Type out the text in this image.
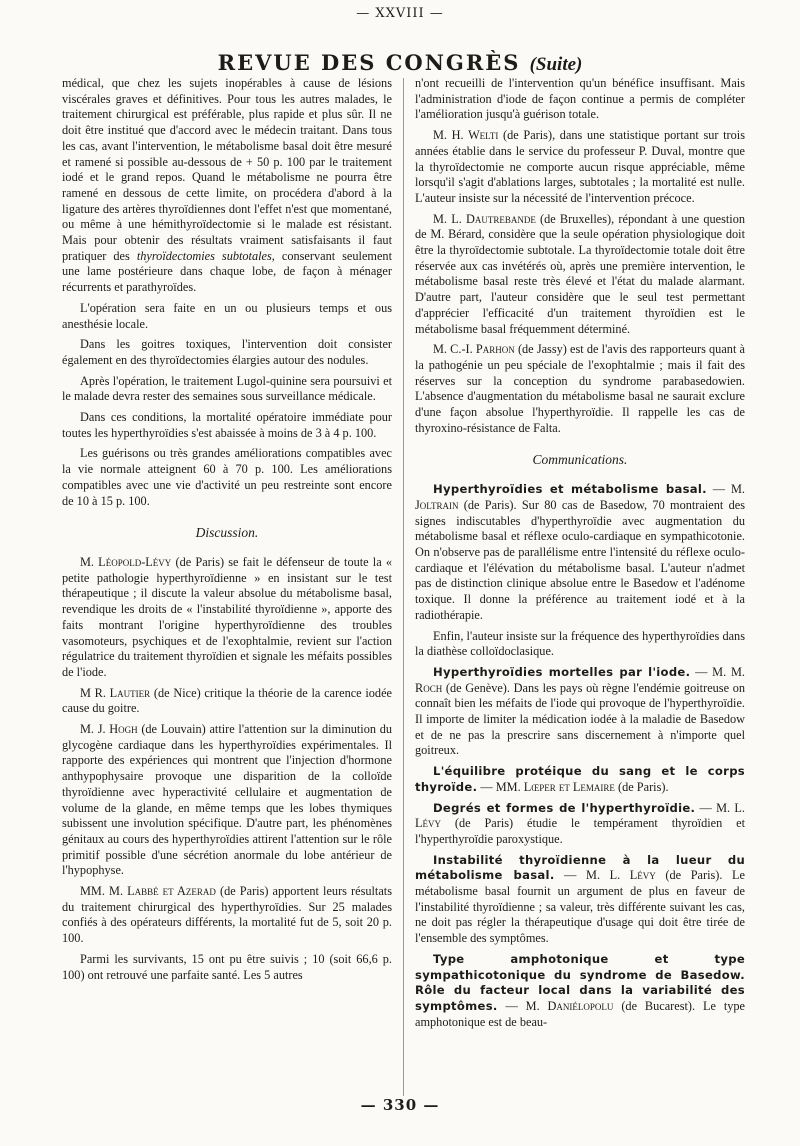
— XXVIII —
REVUE DES CONGRÈS (Suite)

médical, que chez les sujets inopérables à cause de lésions viscérales graves et définitives. Pour tous les autres malades, le traitement chirurgical est préférable, plus rapide et plus sûr. Il ne doit être institué que d'accord avec le médecin traitant. Dans tous les cas, avant l'intervention, le métabolisme basal doit être mesuré et ramené si possible au-dessous de + 50 p. 100 par le traitement iodé et le grand repos. Quand le métabolisme ne pourra être ramené en dessous de cette limite, on procédera d'abord à la ligature des artères thyroïdiennes dont l'effet n'est que momentané, ou même à une hémithyroïdectomie si le malade est résistant. Mais pour obtenir des résultats vraiment satisfaisants il faut pratiquer des thyroïdectomies subtotales, conservant seulement une lame postérieure dans chaque lobe, de façon à ménager récurrents et parathyroïdes.

L'opération sera faite en un ou plusieurs temps et ous anesthésie locale.

Dans les goitres toxiques, l'intervention doit consister également en des thyroïdectomies élargies autour des nodules.

Après l'opération, le traitement Lugol-quinine sera poursuivi et le malade devra rester des semaines sous surveillance médicale.

Dans ces conditions, la mortalité opératoire immédiate pour toutes les hyperthyroïdies s'est abaissée à moins de 3 à 4 p. 100.

Les guérisons ou très grandes améliorations compatibles avec la vie normale atteignent 60 à 70 p. 100. Les améliorations compatibles avec une vie d'activité un peu restreinte sont encore de 10 à 15 p. 100.

Discussion.

M. Léopold-Lévy (de Paris) se fait le défenseur de toute la « petite pathologie hyperthyroïdienne » en insistant sur le test thérapeutique ; il discute la valeur absolue du métabolisme basal, revendique les droits de « l'instabilité thyroïdienne », apporte des faits montrant l'origine hyperthyroïdienne des troubles vasomoteurs, psychiques et de l'exophtalmie, revient sur l'action régulatrice du traitement thyroïdien et signale les méfaits possibles de l'iode.

M R. Lautier (de Nice) critique la théorie de la carence iodée cause du goitre.

M. J. Hogh (de Louvain) attire l'attention sur la diminution du glycogène cardiaque dans les hyperthyroïdies expérimentales. Il rapporte des expériences qui montrent que l'injection d'hormone anthypophysaire provoque une disparition de la colloïde thyroïdienne avec hyperactivité cellulaire et augmentation de volume de la glande, en même temps que les lobes thymiques subissent une involution spécifique. D'autre part, les phénomènes génitaux au cours des hyperthyroïdies attirent l'attention sur le rôle primitif possible d'une sécrétion anormale du lobe antérieur de l'hypophyse.

MM. M. Labbé et Azerad (de Paris) apportent leurs résultats du traitement chirurgical des hyperthyroïdies. Sur 25 malades confiés à des opérateurs différents, la mortalité fut de 5, soit 20 p. 100.

Parmi les survivants, 15 ont pu être suivis ; 10 (soit 66,6 p. 100) ont retrouvé une parfaite santé. Les 5 autres

n'ont recueilli de l'intervention qu'un bénéfice insuffisant. Mais l'administration d'iode de façon continue a permis de compléter l'amélioration jusqu'à guérison totale.

M. H. Welti (de Paris), dans une statistique portant sur trois années établie dans le service du professeur P. Duval, montre que la thyroïdectomie ne comporte aucun risque appréciable, même lorsqu'il s'agit d'ablations larges, subtotales ; la mortalité est nulle. L'auteur insiste sur la nécessité de l'intervention précoce.

M. L. Dautrebande (de Bruxelles), répondant à une question de M. Bérard, considère que la seule opération physiologique doit être la thyroïdectomie subtotale. La thyroïdectomie totale doit être réservée aux cas invétérés où, après une première intervention, le métabolisme basal reste très élevé et l'état du malade alarmant. D'autre part, l'auteur considère que le seul test permettant d'apprécier l'efficacité d'un traitement thyroïdien est le métabolisme basal fréquemment déterminé.

M. C.-I. Parhon (de Jassy) est de l'avis des rapporteurs quant à la pathogénie un peu spéciale de l'exophtalmie ; mais il fait des réserves sur la conception du syndrome parabasedowien. L'absence d'augmentation du métabolisme basal ne saurait exclure d'une façon absolue l'hyperthyroïdie. Il rappelle les cas de thyroxino-résistance de Falta.

Communications.

Hyperthyroïdies et métabolisme basal. — M. Joltrain (de Paris). Sur 80 cas de Basedow, 70 montraient des signes indiscutables d'hyperthyroïdie avec augmentation du métabolisme basal et réflexe oculo-cardiaque en sympathicotonie. On n'observe pas de parallélisme entre l'intensité du réflexe oculo-cardiaque et l'élévation du métabolisme basal. L'auteur n'admet pas de distinction clinique absolue entre le Basedow et l'adénome toxique. Il donne la préférence au traitement iodé et à la radiothérapie.

Enfin, l'auteur insiste sur la fréquence des hyperthyroïdies dans la diathèse colloïdoclasique.

Hyperthyroïdies mortelles par l'iode. — M. M. Roch (de Genève). Dans les pays où règne l'endémie goitreuse on connaît bien les méfaits de l'iode qui provoque de l'hyperthyroïdie. Il importe de limiter la médication iodée à la maladie de Basedow et de ne pas la prescrire sans discernement à n'importe quel goitreux.

L'équilibre protéique du sang et le corps thyroïde. — MM. Lœper et Lemaire (de Paris).

Degrés et formes de l'hyperthyroïdie. — M. L. Lévy (de Paris) étudie le tempérament thyroïdien et l'hyperthyroïdie paroxystique.

Instabilité thyroïdienne à la lueur du métabolisme basal. — M. L. Lévy (de Paris). Le métabolisme basal fournit un argument de plus en faveur de l'instabilité thyroïdienne ; sa valeur, très différente suivant les cas, ne doit pas régler la thérapeutique d'usage qui doit être tirée de l'ensemble des symptômes.

Type amphotonique et type sympathicotonique du syndrome de Basedow. Rôle du facteur local dans la variabilité des symptômes. — M. Daniélopolu (de Bucarest). Le type amphotonique est de beau-

— 330 —
